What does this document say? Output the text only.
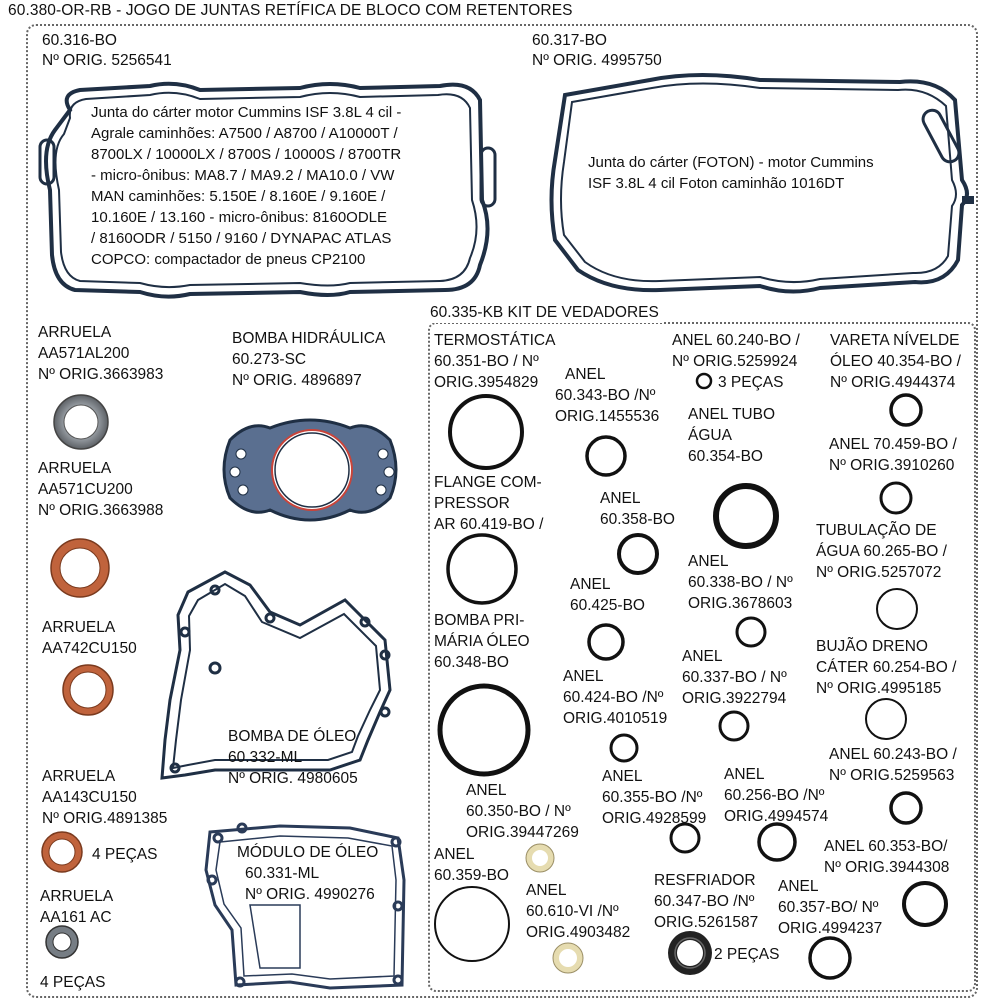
60.380-OR-RB - JOGO DE JUNTAS RETÍFICA DE BLOCO COM RETENTORES
60.316-BO
Nº ORIG. 5256541
Junta do cárter motor Cummins ISF 3.8L 4 cil -
Agrale caminhões: A7500 / A8700 / A10000T /
8700LX / 10000LX / 8700S / 10000S / 8700TR
- micro-ônibus: MA8.7 / MA9.2 / MA10.0 / VW
MAN caminhões: 5.150E / 8.160E / 9.160E /
10.160E / 13.160 - micro-ônibus: 8160ODLE
/ 8160ODR / 5150 / 9160 / DYNAPAC ATLAS
COPCO: compactador de pneus CP2100
60.317-BO
Nº ORIG. 4995750
Junta do cárter (FOTON) - motor Cummins
ISF 3.8L 4 cil Foton caminhão 1016DT
60.335-KB KIT DE VEDADORES
ARRUELA
AA571AL200
Nº ORIG.3663983
ARRUELA
AA571CU200
Nº ORIG.3663988
ARRUELA
AA742CU150
ARRUELA
AA143CU150
Nº ORIG.4891385
4 PEÇAS
ARRUELA
AA161 AC
4 PEÇAS
BOMBA HIDRÁULICA
60.273-SC
Nº ORIG. 4896897
BOMBA DE ÓLEO
60.332-ML
Nº ORIG. 4980605
MÓDULO DE ÓLEO
60.331-ML
Nº ORIG. 4990276
TERMOSTÁTICA
60.351-BO / Nº
ORIG.3954829	ANEL
60.343-BO /Nº
ORIG.1455536
ANEL 60.240-BO /
Nº ORIG.5259924
3 PEÇAS
VARETA NÍVELDE
ÓLEO 40.354-BO /
Nº ORIG.4944374
ANEL TUBO
ÁGUA
60.354-BO
ANEL 70.459-BO /
Nº ORIG.3910260
FLANGE COM-
PRESSOR
AR 60.419-BO /
ANEL
60.358-BO
TUBULAÇÃO DE
ÁGUA 60.265-BO /
Nº ORIG.5257072
ANEL
60.338-BO / Nº
ORIG.3678603
ANEL
60.425-BO
BOMBA PRI-
MÁRIA ÓLEO
60.348-BO
BUJÃO DRENO
CÁTER 60.254-BO /
Nº ORIG.4995185
ANEL
60.337-BO / Nº
ORIG.3922794
ANEL
60.424-BO /Nº
ORIG.4010519
ANEL 60.243-BO /
Nº ORIG.5259563
ANEL
60.350-BO / Nº
ORIG.39447269
ANEL
60.355-BO /Nº
ORIG.4928599
ANEL
60.256-BO /Nº
ORIG.4994574
ANEL 60.353-BO/
Nº ORIG.3944308
ANEL
60.359-BO	RESFRIADOR
60.347-BO /Nº
ORIG.5261587
ANEL
60.357-BO/ Nº
ORIG.4994237
ANEL
60.610-VI /Nº
ORIG.4903482
2 PEÇAS
